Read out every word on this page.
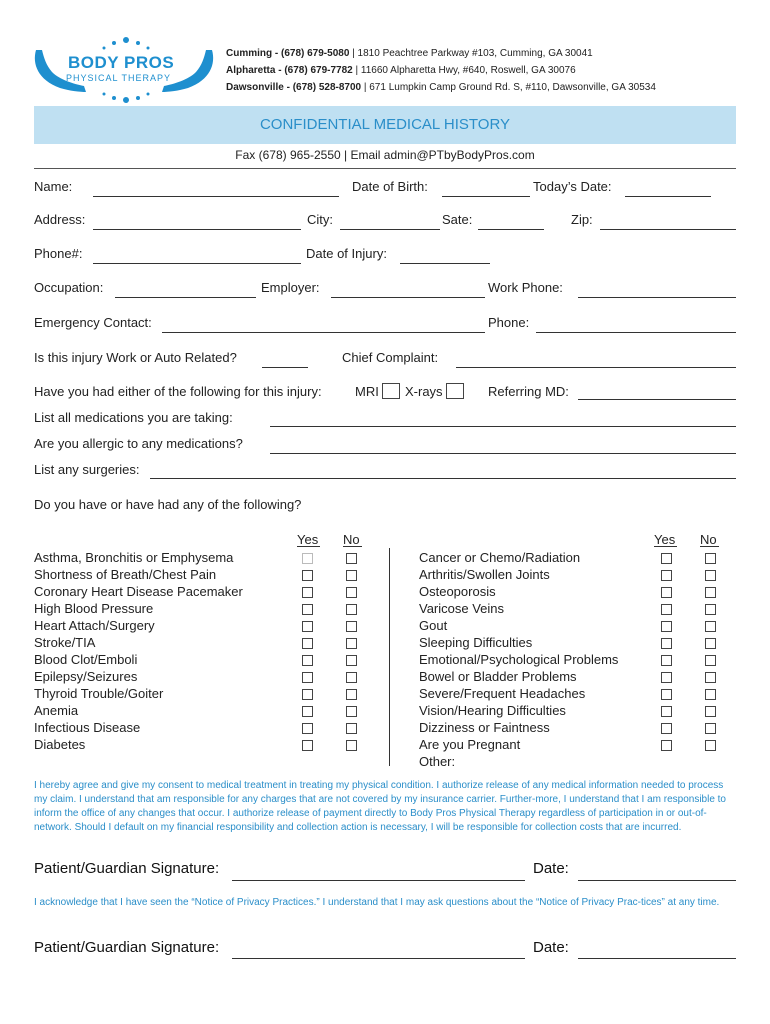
BODY PROS
PHYSICAL THERAPY
Cumming - (678) 679-5080 | 1810 Peachtree Parkway #103, Cumming, GA 30041
Alpharetta - (678) 679-7782 | 11660 Alpharetta Hwy, #640, Roswell, GA 30076
Dawsonville - (678) 528-8700 | 671 Lumpkin Camp Ground Rd. S, #110, Dawsonville, GA 30534
CONFIDENTIAL MEDICAL HISTORY
Fax (678) 965-2550 | Email admin@PTbyBodyPros.com
Name:	Date of Birth:	Today’s Date:
Address:	City:	Sate:	Zip:
Phone#:	Date of Injury:
Occupation:	Employer:	Work Phone:
Emergency Contact:	Phone:
Is this injury Work or Auto Related?	Chief Complaint:
Have you had either of the following for this injury:	MRI X-rays	Referring MD:
List all medications you are taking:
Are you allergic to any medications?
List any surgeries:
Do you have or have had any of the following?
Yes No	Yes No
Asthma, Bronchitis or Emphysema
Shortness of Breath/Chest Pain
Coronary Heart Disease Pacemaker
High Blood Pressure
Heart Attach/Surgery
Stroke/TIA
Blood Clot/Emboli
Epilepsy/Seizures
Thyroid Trouble/Goiter
Anemia
Infectious Disease
Diabetes
Cancer or Chemo/Radiation
Arthritis/Swollen Joints
Osteoporosis
Varicose Veins
Gout
Sleeping Difficulties
Emotional/Psychological Problems
Bowel or Bladder Problems
Severe/Frequent Headaches
Vision/Hearing Difficulties
Dizziness or Faintness
Are you Pregnant
Other:
I hereby agree and give my consent to medical treatment in treating my physical condition. I authorize release of any medical information needed to process my claim. I understand that am responsible for any charges that are not covered by my insurance carrier. Further-more, I understand that I am responsible to inform the office of any changes that occur. I authorize release of payment directly to Body Pros Physical Therapy regardless of participation in or out-of-network. Should I default on my financial responsibility and collection action is necessary, I will be responsible for collection costs that are incurred.
Patient/Guardian Signature:	Date:
I acknowledge that I have seen the “Notice of Privacy Practices.” I understand that I may ask questions about the “Notice of Privacy Prac-tices” at any time.
Patient/Guardian Signature:	Date:
